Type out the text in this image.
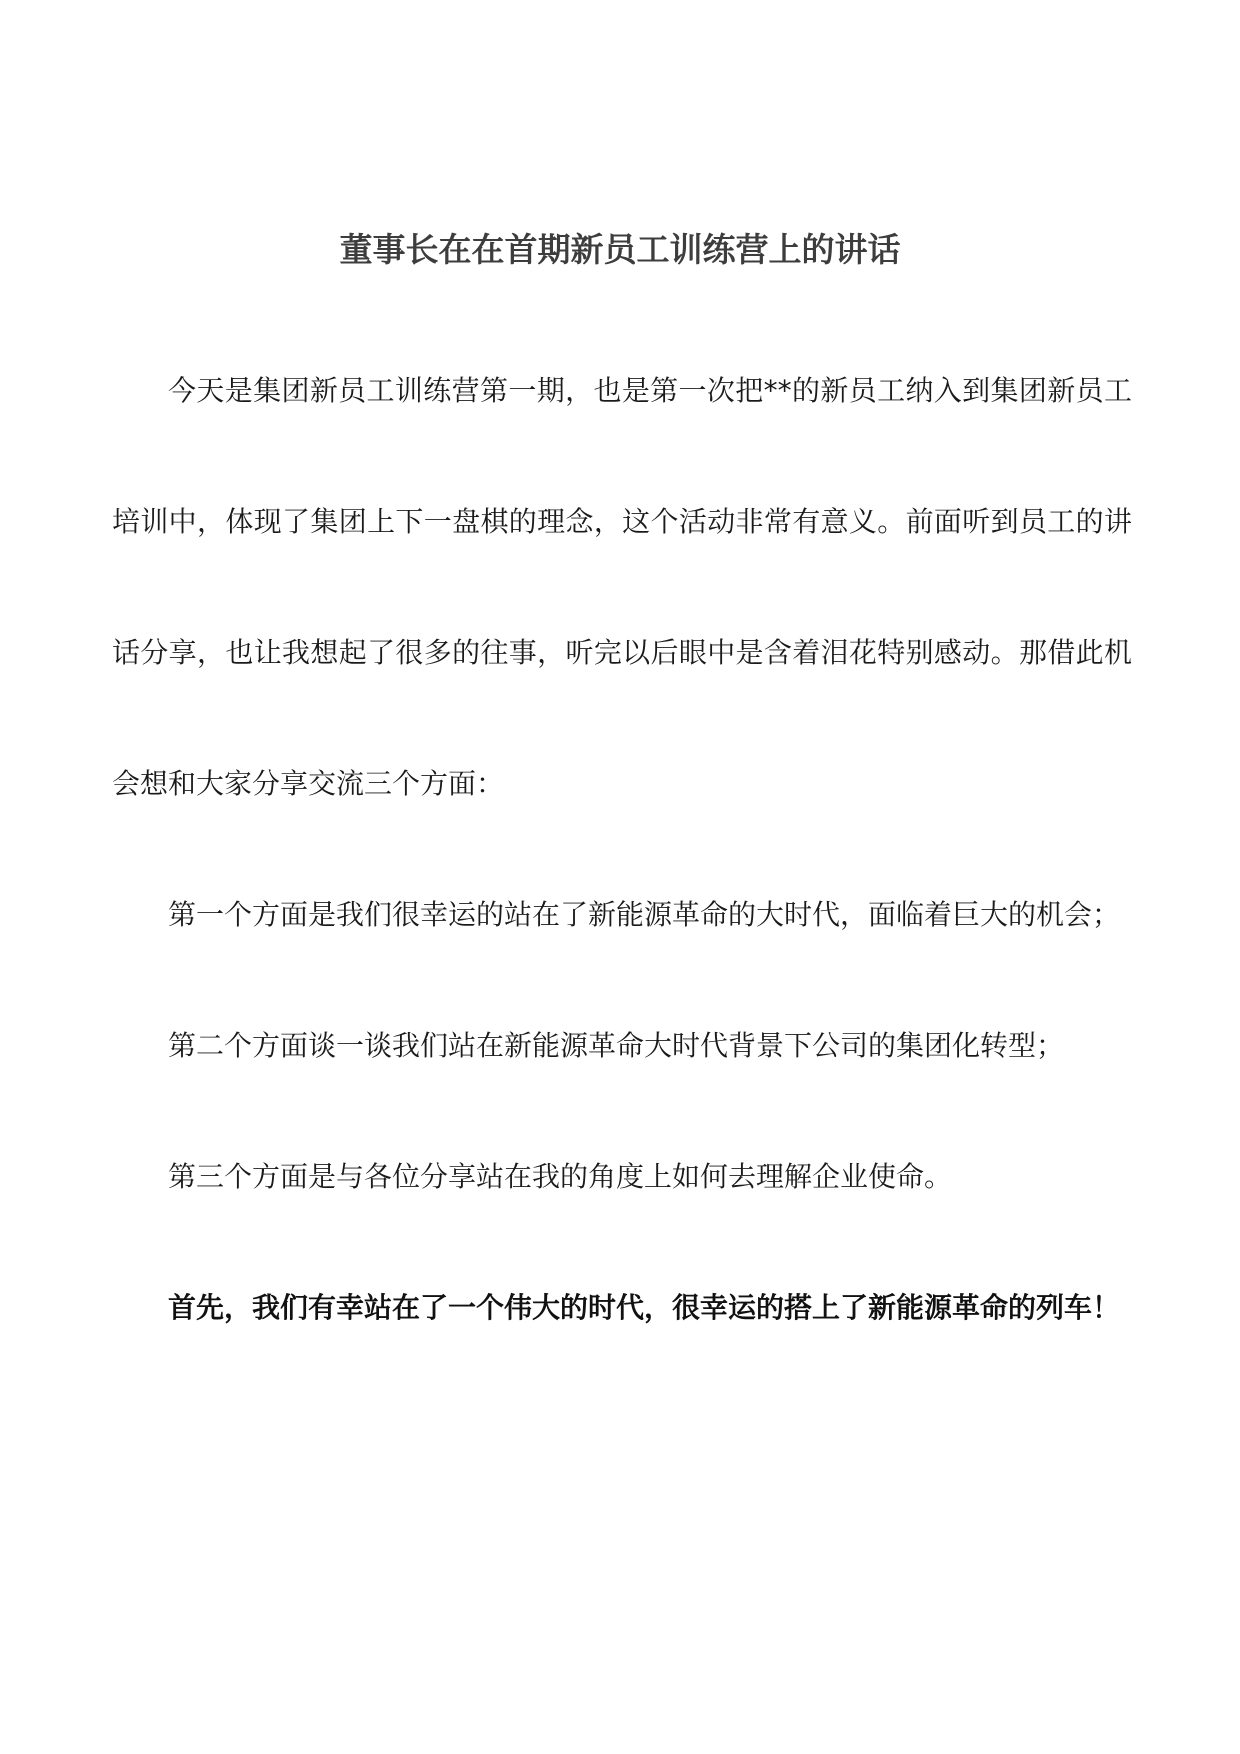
董事长在在首期新员工训练营上的讲话

今天是集团新员工训练营第一期，也是第一次把**的新员工纳入到集团新员工培训中，体现了集团上下一盘棋的理念，这个活动非常有意义。前面听到员工的讲话分享，也让我想起了很多的往事，听完以后眼中是含着泪花特别感动。那借此机会想和大家分享交流三个方面：

第一个方面是我们很幸运的站在了新能源革命的大时代，面临着巨大的机会；

第二个方面谈一谈我们站在新能源革命大时代背景下公司的集团化转型；

第三个方面是与各位分享站在我的角度上如何去理解企业使命。

首先，我们有幸站在了一个伟大的时代，很幸运的搭上了新能源革命的列车！
